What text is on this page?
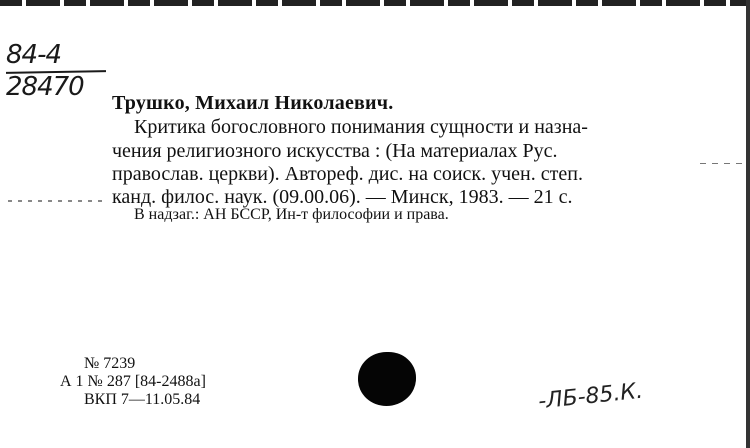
84-4
28470
Трушко, Михаил Николаевич.
Критика богословного понимания сущности и назна-
чения религиозного искусства : (На материалах Рус.
православ. церкви). Автореф. дис. на соиск. учен. степ.
канд. филос. наук. (09.00.06). — Минск, 1983. — 21 с.
В надзаг.: АН БССР, Ин-т философии и права.
№ 7239
А 1 № 287 [84-2488а]
ВКП 7—11.05.84	-ЛБ-85.К.
